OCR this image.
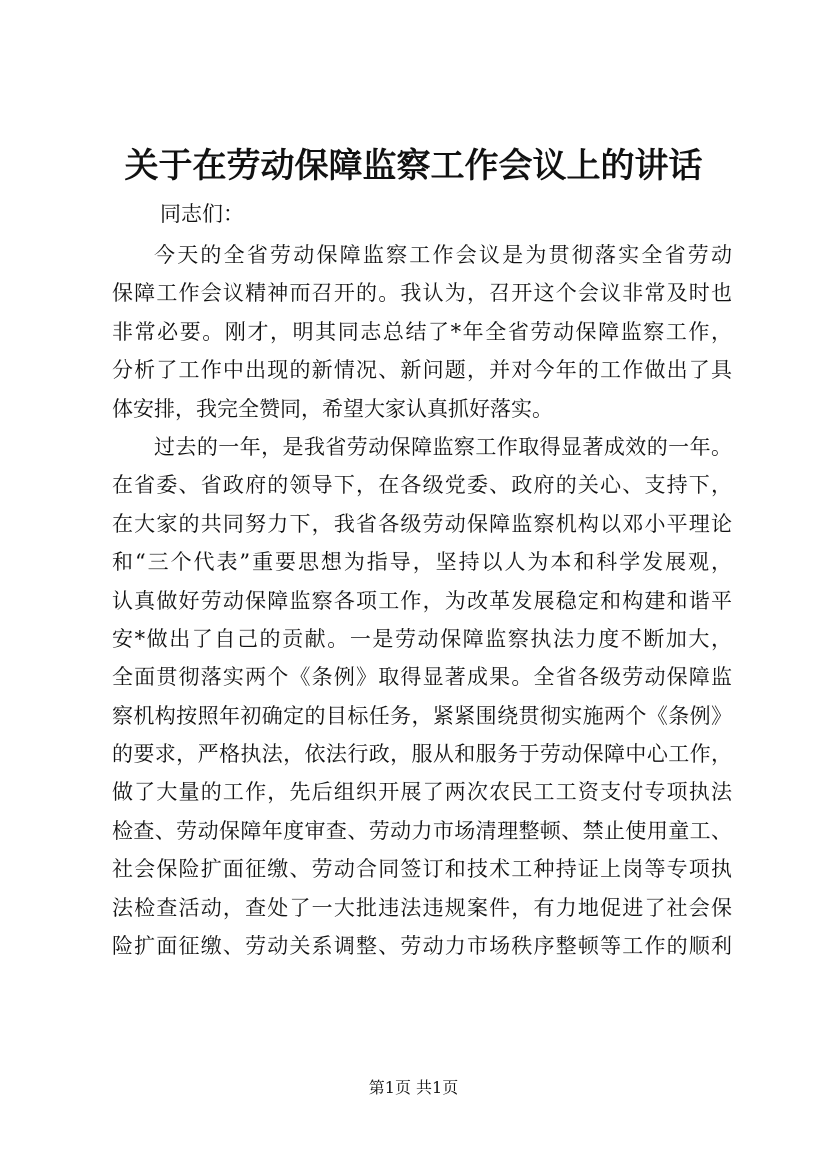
关于在劳动保障监察工作会议上的讲话
同志们：
今天的全省劳动保障监察工作会议是为贯彻落实全省劳动
保障工作会议精神而召开的。我认为，召开这个会议非常及时也
非常必要。刚才，明其同志总结了*年全省劳动保障监察工作，
分析了工作中出现的新情况、新问题，并对今年的工作做出了具
体安排，我完全赞同，希望大家认真抓好落实。
过去的一年，是我省劳动保障监察工作取得显著成效的一年。
在省委、省政府的领导下，在各级党委、政府的关心、支持下，
在大家的共同努力下，我省各级劳动保障监察机构以邓小平理论
和“三个代表”重要思想为指导，坚持以人为本和科学发展观，
认真做好劳动保障监察各项工作，为改革发展稳定和构建和谐平
安*做出了自己的贡献。一是劳动保障监察执法力度不断加大，
全面贯彻落实两个《条例》取得显著成果。全省各级劳动保障监
察机构按照年初确定的目标任务，紧紧围绕贯彻实施两个《条例》
的要求，严格执法，依法行政，服从和服务于劳动保障中心工作，
做了大量的工作，先后组织开展了两次农民工工资支付专项执法
检查、劳动保障年度审查、劳动力市场清理整顿、禁止使用童工、
社会保险扩面征缴、劳动合同签订和技术工种持证上岗等专项执
法检查活动，查处了一大批违法违规案件，有力地促进了社会保
险扩面征缴、劳动关系调整、劳动力市场秩序整顿等工作的顺利
第1页 共1页
